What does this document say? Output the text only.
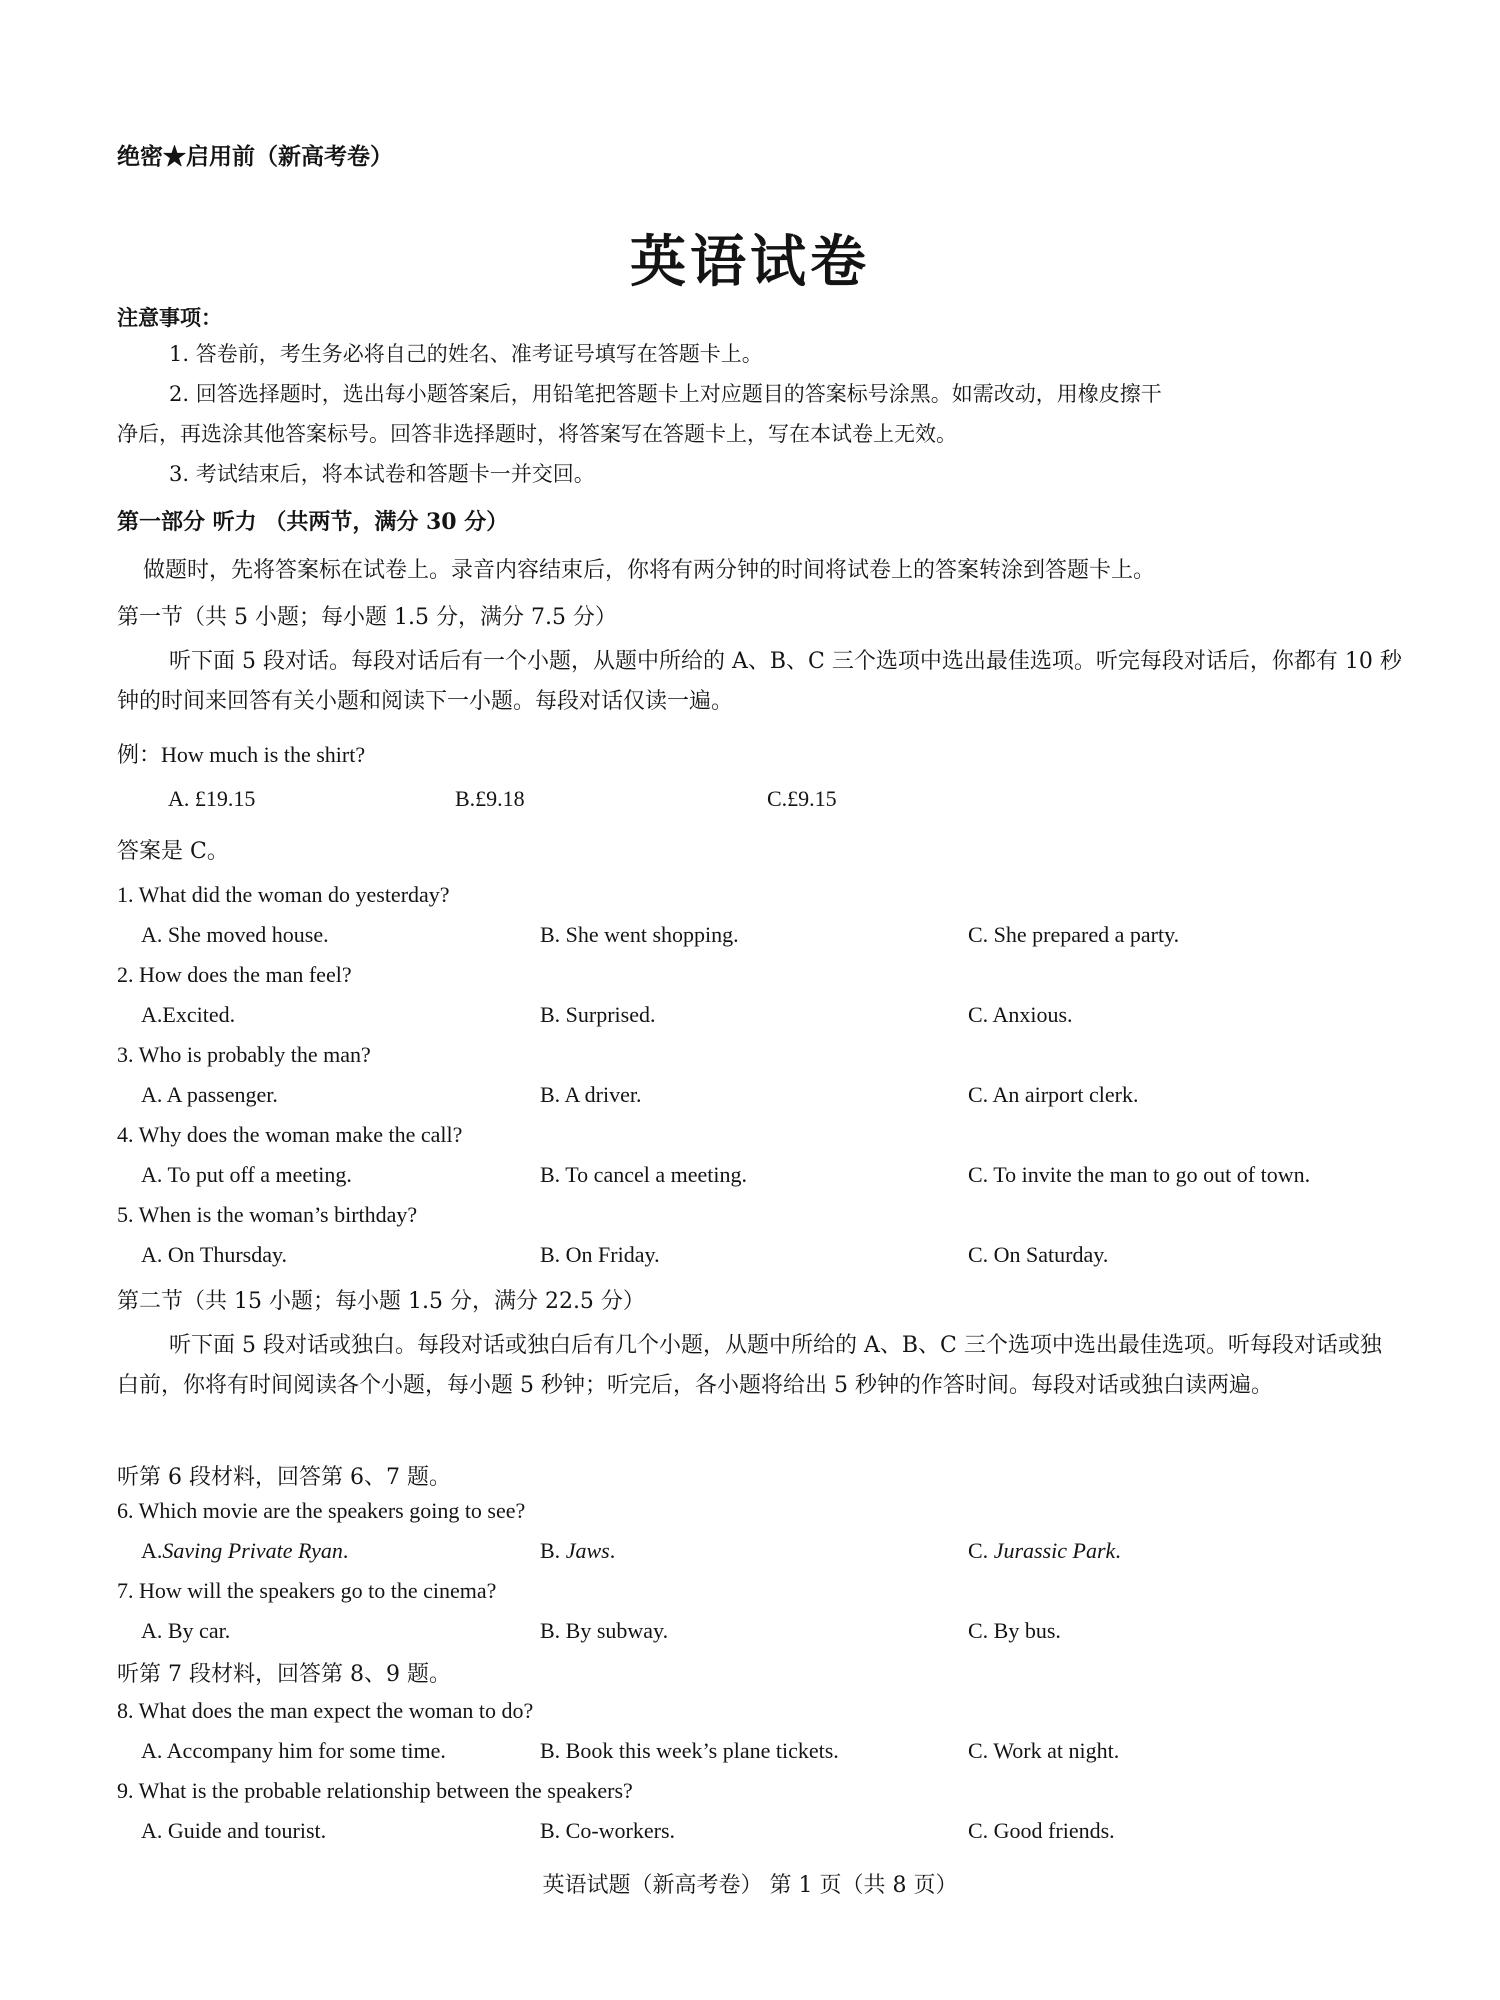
绝密★启用前（新高考卷）
英语试卷
注意事项：
1. 答卷前，考生务必将自己的姓名、准考证号填写在答题卡上。
2. 回答选择题时，选出每小题答案后，用铅笔把答题卡上对应题目的答案标号涂黑。如需改动，用橡皮擦干
净后，再选涂其他答案标号。回答非选择题时，将答案写在答题卡上，写在本试卷上无效。
3. 考试结束后，将本试卷和答题卡一并交回。
第一部分 听力 （共两节，满分 30 分）
做题时，先将答案标在试卷上。录音内容结束后，你将有两分钟的时间将试卷上的答案转涂到答题卡上。
第一节（共 5 小题；每小题 1.5 分，满分 7.5 分）
听下面 5 段对话。每段对话后有一个小题，从题中所给的 A、B、C 三个选项中选出最佳选项。听完每段对话后，你都有 10 秒钟的时间来回答有关小题和阅读下一小题。每段对话仅读一遍。
例：How much is the shirt?
A. £19.15	B.£9.18	C.£9.15
答案是 C。
1. What did the woman do yesterday?
A. She moved house.	B. She went shopping.	C. She prepared a party.
2. How does the man feel?
A.Excited.	B. Surprised.	C. Anxious.
3. Who is probably the man?
A. A passenger.	B. A driver.	C. An airport clerk.
4. Why does the woman make the call?
A. To put off a meeting.	B. To cancel a meeting.	C. To invite the man to go out of town.
5. When is the woman’s birthday?
A. On Thursday.	B. On Friday.	C. On Saturday.
第二节（共 15 小题；每小题 1.5 分，满分 22.5 分）
听下面 5 段对话或独白。每段对话或独白后有几个小题，从题中所给的 A、B、C 三个选项中选出最佳选项。听每段对话或独白前，你将有时间阅读各个小题，每小题 5 秒钟；听完后，各小题将给出 5 秒钟的作答时间。每段对话或独白读两遍。
听第 6 段材料，回答第 6、7 题。
6. Which movie are the speakers going to see?
A.Saving Private Ryan.	B. Jaws.	C. Jurassic Park.
7. How will the speakers go to the cinema?
A. By car.	B. By subway.	C. By bus.
听第 7 段材料，回答第 8、9 题。
8. What does the man expect the woman to do?
A. Accompany him for some time.	B. Book this week’s plane tickets.	C. Work at night.
9. What is the probable relationship between the speakers?
A. Guide and tourist.	B. Co-workers.	C. Good friends.
英语试题（新高考卷） 第 1 页（共 8 页）
